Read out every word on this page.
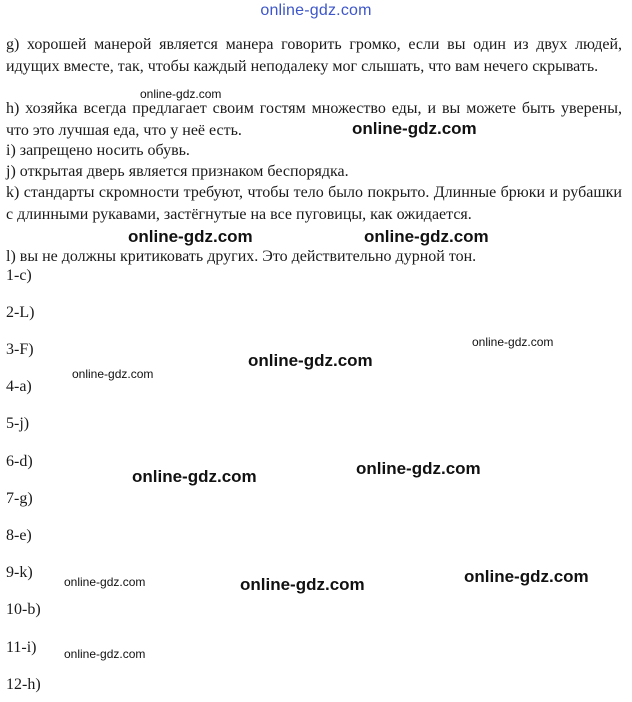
online-gdz.com

g) хорошей манерой является манера говорить громко, если вы один из двух людей, идущих вместе, так, чтобы каждый неподалеку мог слышать, что вам нечего скрывать.

h) хозяйка всегда предлагает своим гостям множество еды, и вы можете быть уверены, что это лучшая еда, что у неё есть.

i) запрещено носить обувь.

j) открытая дверь является признаком беспорядка.

k) стандарты скромности требуют, чтобы тело было покрыто. Длинные брюки и рубашки с длинными рукавами, застёгнутые на все пуговицы, как ожидается.

l) вы не должны критиковать других. Это действительно дурной тон.

1-c)
2-L)
3-F)
4-a)
5-j)
6-d)
7-g)
8-e)
9-k)
10-b)
11-i)
12-h)
online-gdz.com
online-gdz.com
online-gdz.com	online-gdz.com
online-gdz.com
online-gdz.com
online-gdz.com
online-gdz.com
online-gdz.com
online-gdz.com
online-gdz.com	online-gdz.com
online-gdz.com
